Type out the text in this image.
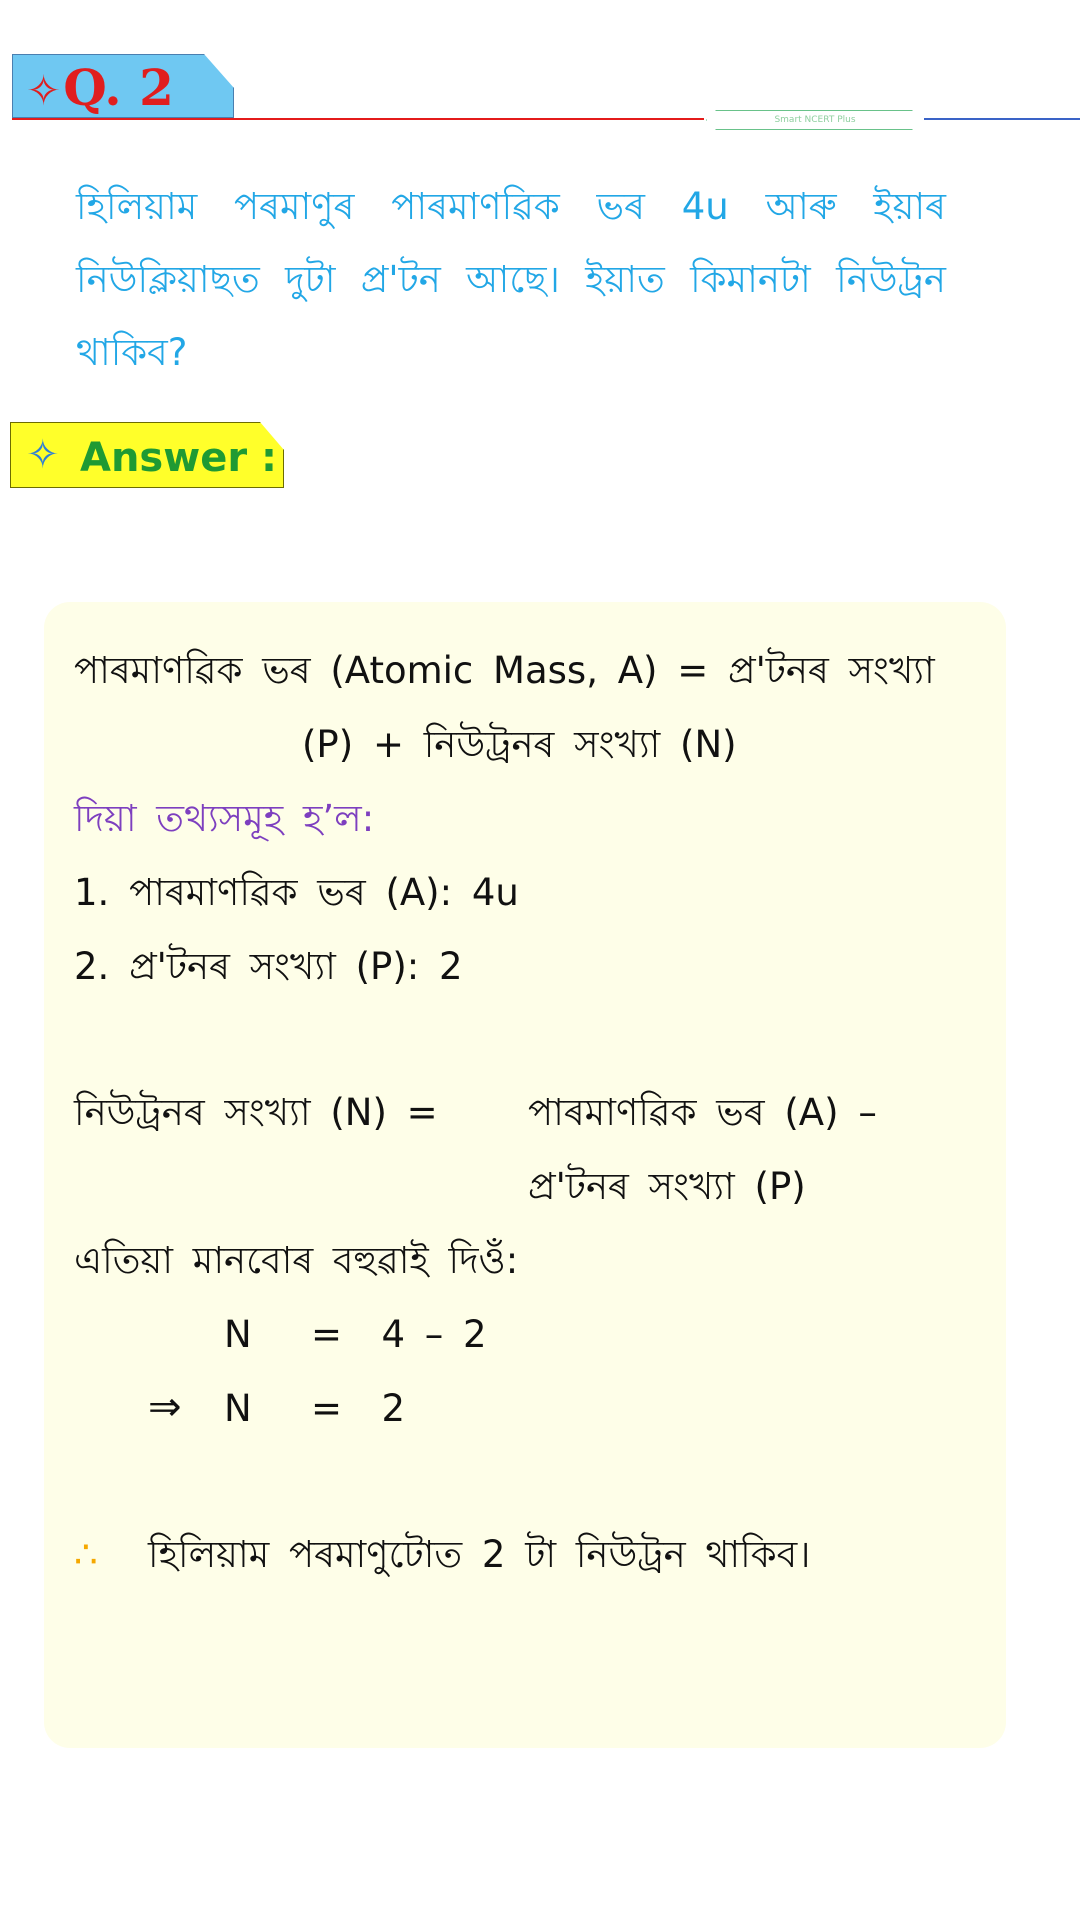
✧Q. 2
Smart NCERT Plus
হিলিয়াম পৰমাণুৰ পাৰমাণৱিক ভৰ 4u আৰু ইয়াৰ নিউক্লিয়াছত দুটা প্ৰ'টন আছে। ইয়াত কিমানটা নিউট্ৰন থাকিব?
✧ Answer :
পাৰমাণৱিক ভৰ (Atomic Mass, A) = প্ৰ'টনৰ সংখ্যা
(P) + নিউট্ৰনৰ সংখ্যা (N)
দিয়া তথ্যসমূহ হ’ল:
1. পাৰমাণৱিক ভৰ (A): 4u
2. প্ৰ'টনৰ সংখ্যা (P): 2
নিউট্ৰনৰ সংখ্যা (N) = পাৰমাণৱিক ভৰ (A) –
প্ৰ'টনৰ সংখ্যা (P)
এতিয়া মানবোৰ বহুৱাই দিওঁ:
N   =  4 – 2
⇒ N   =  2
∴ হিলিয়াম পৰমাণুটোত 2 টা নিউট্ৰন থাকিব।
